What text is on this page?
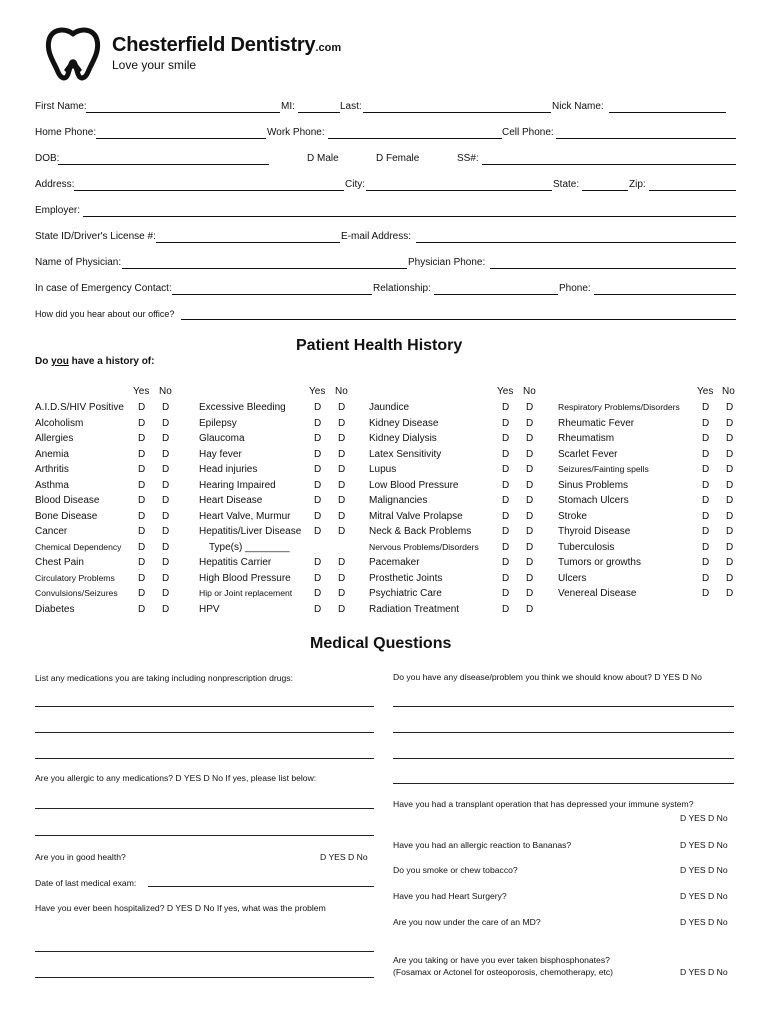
Chesterfield Dentistry.com
Love your smile
First Name:	MI:	Last:	Nick Name:
Home Phone:	Work Phone:	Cell Phone:
DOB:	D Male	D Female	SS#:
Address:	City:	State:	Zip:
Employer:
State ID/Driver's License #:	E-mail Address:
Name of Physician:	Physician Phone:
In case of Emergency Contact:	Relationship:	Phone:
How did you hear about our office?
Patient Health History
Do you have a history of:
Yes No	Yes No	Yes No	Yes No
A.I.D.S/HIV Positive D D
Alcoholism	D D
Allergies	D D
Anemia	D D
Arthritis	D D
Asthma	D D
Blood Disease	D D
Bone Disease	D D
Cancer	D D
Chemical Dependency D D
Chest Pain	D D
Circulatory Problems D D
Convulsions/Seizures D D
Diabetes	D D
Excessive Bleeding	D D
Epilepsy	D D
Glaucoma	D D
Hay fever	D D
Head injuries	D D
Hearing Impaired	D D
Heart Disease	D D
Heart Valve, Murmur D D
Hepatitis/Liver Disease D D
Type(s) ________
Hepatitis Carrier	D D
High Blood Pressure D D
Hip or Joint replacement D D
HPV	D D
Jaundice	D D
Kidney Disease	D D
Kidney Dialysis	D D
Latex Sensitivity	D D
Lupus	D D
Low Blood Pressure	D D
Malignancies	D D
Mitral Valve Prolapse	D D
Neck & Back Problems	D D
Nervous Problems/Disorders D D
Pacemaker	D D
Prosthetic Joints	D D
Psychiatric Care	D D
Radiation Treatment	D D
Respiratory Problems/Disorders D D
Rheumatic Fever	D D
Rheumatism	D D
Scarlet Fever	D D
Seizures/Fainting spells	D D
Sinus Problems	D D
Stomach Ulcers	D D
Stroke	D D
Thyroid Disease	D D
Tuberculosis	D D
Tumors or growths	D D
Ulcers	D D
Venereal Disease	D D
Medical Questions
List any medications you are taking including nonprescription drugs:
Are you allergic to any medications? D YES D No If yes, please list below:
Are you in good health?	D YES D No
Date of last medical exam:
Have you ever been hospitalized? D YES D No If yes, what was the problem
Do you have any disease/problem you think we should know about? D YES D No
Have you had a transplant operation that has depressed your immune system?
D YES D No
Have you had an allergic reaction to Bananas?	D YES D No
Do you smoke or chew tobacco?	D YES D No
Have you had Heart Surgery?	D YES D No
Are you now under the care of an MD?	D YES D No
Are you taking or have you ever taken bisphosphonates?
(Fosamax or Actonel for osteoporosis, chemotherapy, etc)	D YES D No
